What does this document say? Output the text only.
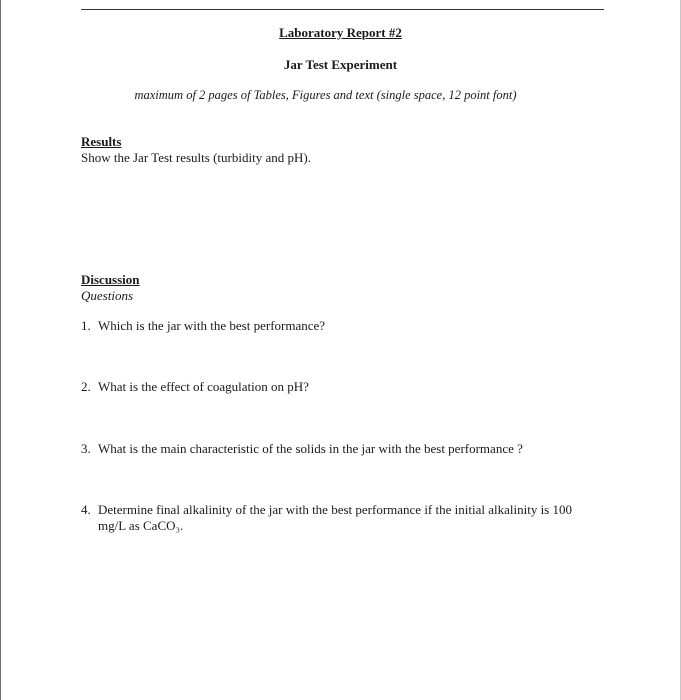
Laboratory Report #2
Jar Test Experiment
maximum of 2 pages of Tables, Figures and text (single space, 12 point font)
Results
Show the Jar Test results (turbidity and pH).
Discussion
Questions
1. Which is the jar with the best performance?
2. What is the effect of coagulation on pH?
3. What is the main characteristic of the solids in the jar with the best performance ?
4. Determine final alkalinity of the jar with the best performance if the initial alkalinity is 100 mg/L as CaCO₃.
